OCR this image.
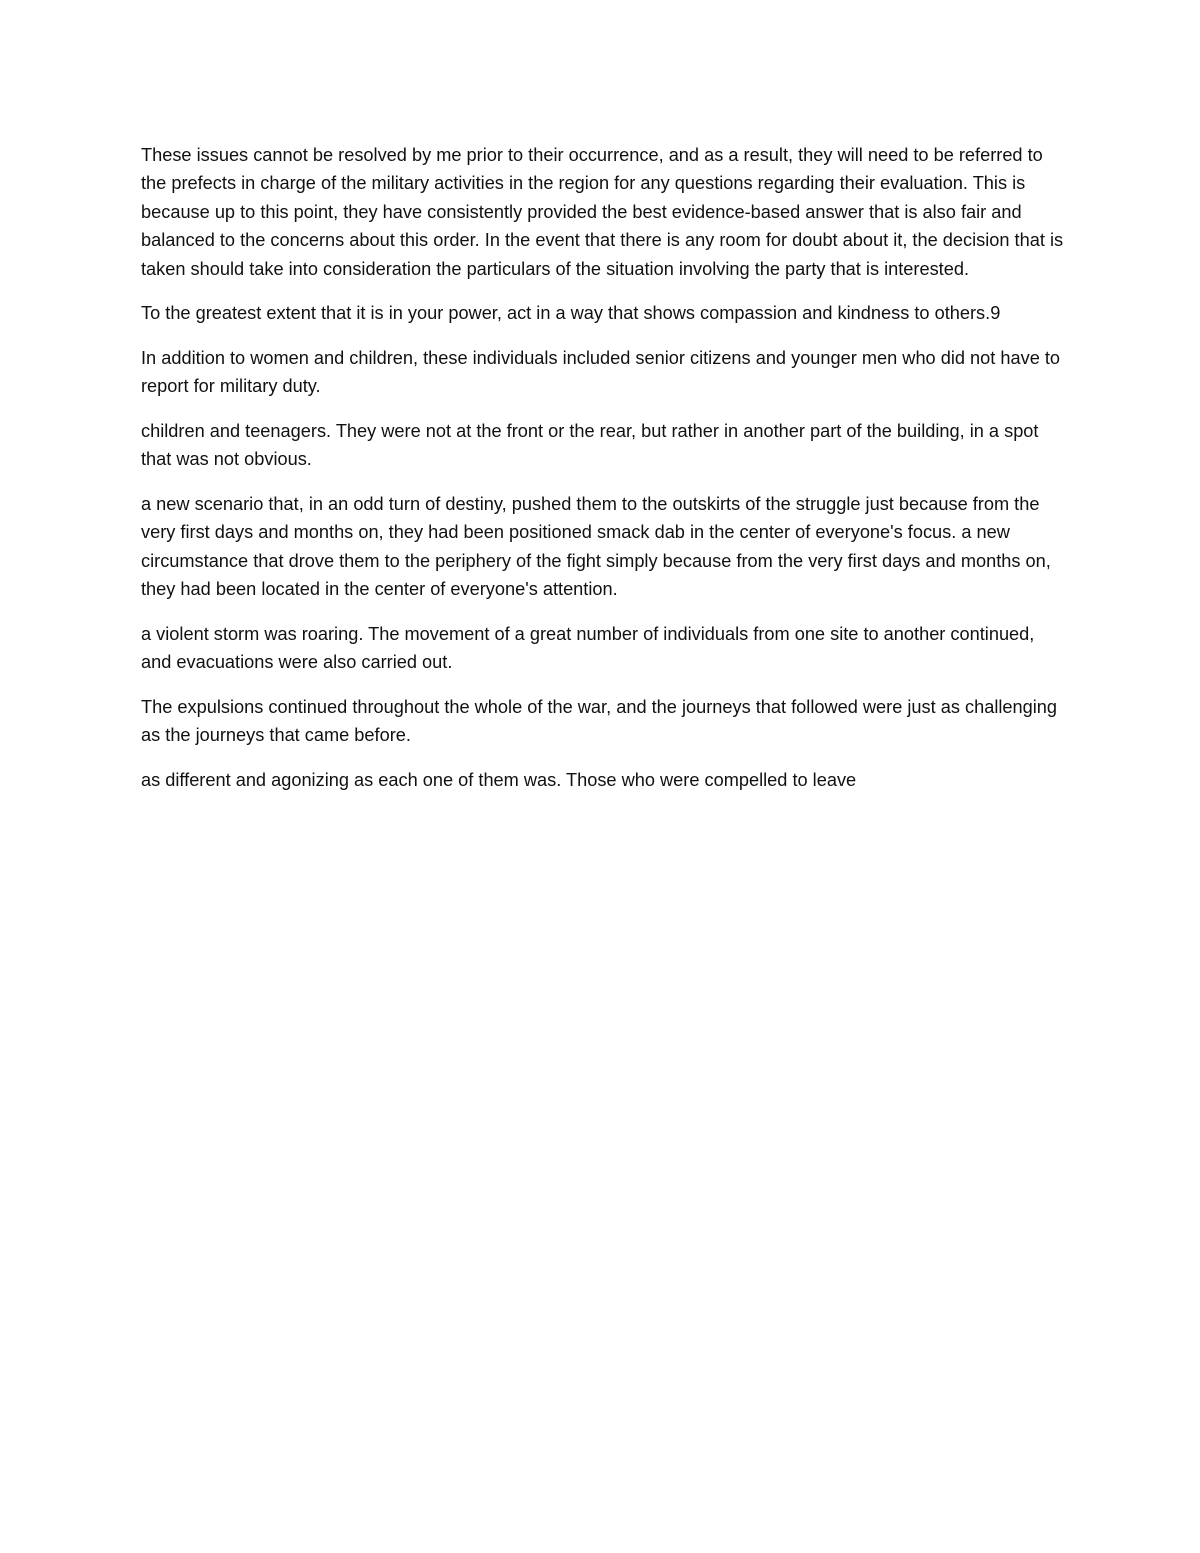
These issues cannot be resolved by me prior to their occurrence, and as a result, they will need to be referred to the prefects in charge of the military activities in the region for any questions regarding their evaluation. This is because up to this point, they have consistently provided the best evidence-based answer that is also fair and balanced to the concerns about this order. In the event that there is any room for doubt about it, the decision that is taken should take into consideration the particulars of the situation involving the party that is interested.

To the greatest extent that it is in your power, act in a way that shows compassion and kindness to others.9

In addition to women and children, these individuals included senior citizens and younger men who did not have to report for military duty.

children and teenagers. They were not at the front or the rear, but rather in another part of the building, in a spot that was not obvious.

a new scenario that, in an odd turn of destiny, pushed them to the outskirts of the struggle just because from the very first days and months on, they had been positioned smack dab in the center of everyone's focus. a new circumstance that drove them to the periphery of the fight simply because from the very first days and months on, they had been located in the center of everyone's attention.

a violent storm was roaring. The movement of a great number of individuals from one site to another continued, and evacuations were also carried out.

The expulsions continued throughout the whole of the war, and the journeys that followed were just as challenging as the journeys that came before.

as different and agonizing as each one of them was. Those who were compelled to leave
